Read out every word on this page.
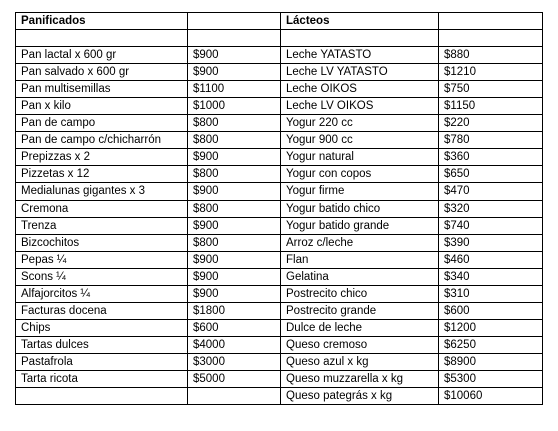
Panificados		Lácteos	

Pan lactal x 600 gr	$900	Leche YATASTO	$880
Pan salvado x 600 gr	$900	Leche LV YATASTO	$1210
Pan multisemillas	$1100	Leche OIKOS	$750
Pan x kilo	$1000	Leche LV OIKOS	$1150
Pan de campo	$800	Yogur 220 cc	$220
Pan de campo c/chicharrón	$800	Yogur 900 cc	$780
Prepizzas x 2	$900	Yogur natural	$360
Pizzetas x 12	$800	Yogur con copos	$650
Medialunas gigantes x 3	$900	Yogur firme	$470
Cremona	$800	Yogur batido chico	$320
Trenza	$900	Yogur batido grande	$740
Bizcochitos	$800	Arroz c/leche	$390
Pepas ¼	$900	Flan	$460
Scons ¼	$900	Gelatina	$340
Alfajorcitos ¼	$900	Postrecito chico	$310
Facturas docena	$1800	Postrecito grande	$600
Chips	$600	Dulce de leche	$1200
Tartas dulces	$4000	Queso cremoso	$6250
Pastafrola	$3000	Queso azul x kg	$8900
Tarta ricota	$5000	Queso muzzarella x kg	$5300
		Queso pategrás x kg	$10060
